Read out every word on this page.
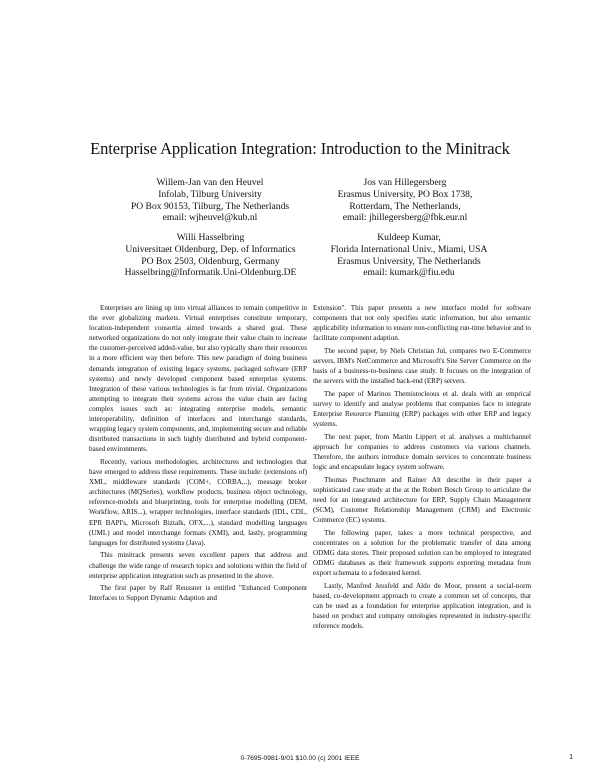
Enterprise Application Integration: Introduction to the Minitrack
Willem-Jan van den Heuvel
Infolab, Tilburg University
PO Box 90153, Tilburg, The Netherlands
email: wjheuvel@kub.nl
Jos van Hillegersberg
Erasmus University, PO Box 1738,
Rotterdam, The Netherlands,
email: jhillegersberg@fbk.eur.nl
Willi Hasselbring
Universitaet Oldenburg, Dep. of Informatics
PO Box 2503, Oldenburg, Germany
Hasselbring@Informatik.Uni-Oldenburg.DE
Kuldeep Kumar,
Florida International Univ., Miami, USA
Erasmus University, The Netherlands
email: kumark@fiu.edu

Enterprises are lining up into virtual alliances to remain competitive in the ever globalizing markets. Virtual enterprises constitute temporary, location-independent consortia aimed towards a shared goal. These networked organizations do not only integrate their value chain to increase the customer-perceived added-value, but also typically share their resources in a more efficient way then before. This new paradigm of doing business demands integration of existing legacy systems, packaged software (ERP systems) and newly developed component based enterprise systems. Integration of these various technologies is far from trivial. Organizations attempting to integrate their systems across the value chain are facing complex issues such as: integrating enterprise models, semantic interoperability, definition of interfaces and interchange standards, wrapping legacy system components, and, implementing secure and reliable distributed transactions in such highly distributed and hybrid component-based environments.

Recently, various methodologies, architectures and technologies that have emerged to address these requirements. These include: (extensions of) XML, middleware standards (COM+, CORBA,..), message broker architectures (MQSeries), workflow products, business object technology, reference-models and blueprinting, tools for enterprise modelling (DEM, Workflow, ARIS...), wrapper technologies, interface standards (IDL, CDL, EPR BAPI's, Microsoft Biztalk, OFX,...), standard modelling languages (UML) and model interchange formats (XMI), and, lastly, programming languages for distributed systems (Java).

This minitrack presents seven excellent papers that address and challenge the wide range of research topics and solutions within the field of enterprise application integration such as presented in the above.

The first paper by Ralf Reussner is entitled "Enhanced Component Interfaces to Support Dynamic Adaption and

Extension". This paper presents a new interface model for software components that not only specifies static information, but also semantic applicability information to ensure non-conflicting run-time behavior and to facilitate component adaption.

The second paper, by Niels Christian Jul, compares two E-Commerce servers, IBM's NetCommerce and Microsoft's Site Server Commerce on the basis of a business-to-business case study. It focuses on the integration of the servers with the installed back-end (ERP) servers.

The paper of Marinos Themistocleous et al. deals with an emprical survey to identify and analyse problems that companies face to integrate Enterprise Resource Planning (ERP) packages with other ERP and legacy systems.

The next paper, from Martin Lippert et al. analyses a multichannel approach for companies to address customers via various channels. Therefore, the authors introduce domain services to concentrate business logic and encapsulate legacy system software.

Thomas Puschmann and Rainer Alt describe in their paper a sophisticated case study at the at the Robert Bosch Group to articulate the need for an integrated architecture for ERP, Supply Chain Management (SCM), Customer Relationship Management (CRM) and Electronic Commerce (EC) systems.

The following paper, takes a more technical perspective, and concentrates on a solution for the problematic transfer of data among ODMG data stores. Their proposed solution can be employed to integrated ODMG databases as their framework supports exporting metadata from export schemata to a federated kernel.

Lastly, Manfred Jeusfeld and Aldo de Moor, present a social-norm based, co-development approach to create a common set of concepts, that can be used as a foundation for enterprise application integration, and is based on product and company ontologies represented in industry-specific reference models.

0-7695-0981-9/01 $10.00 (c) 2001 IEEE	1
